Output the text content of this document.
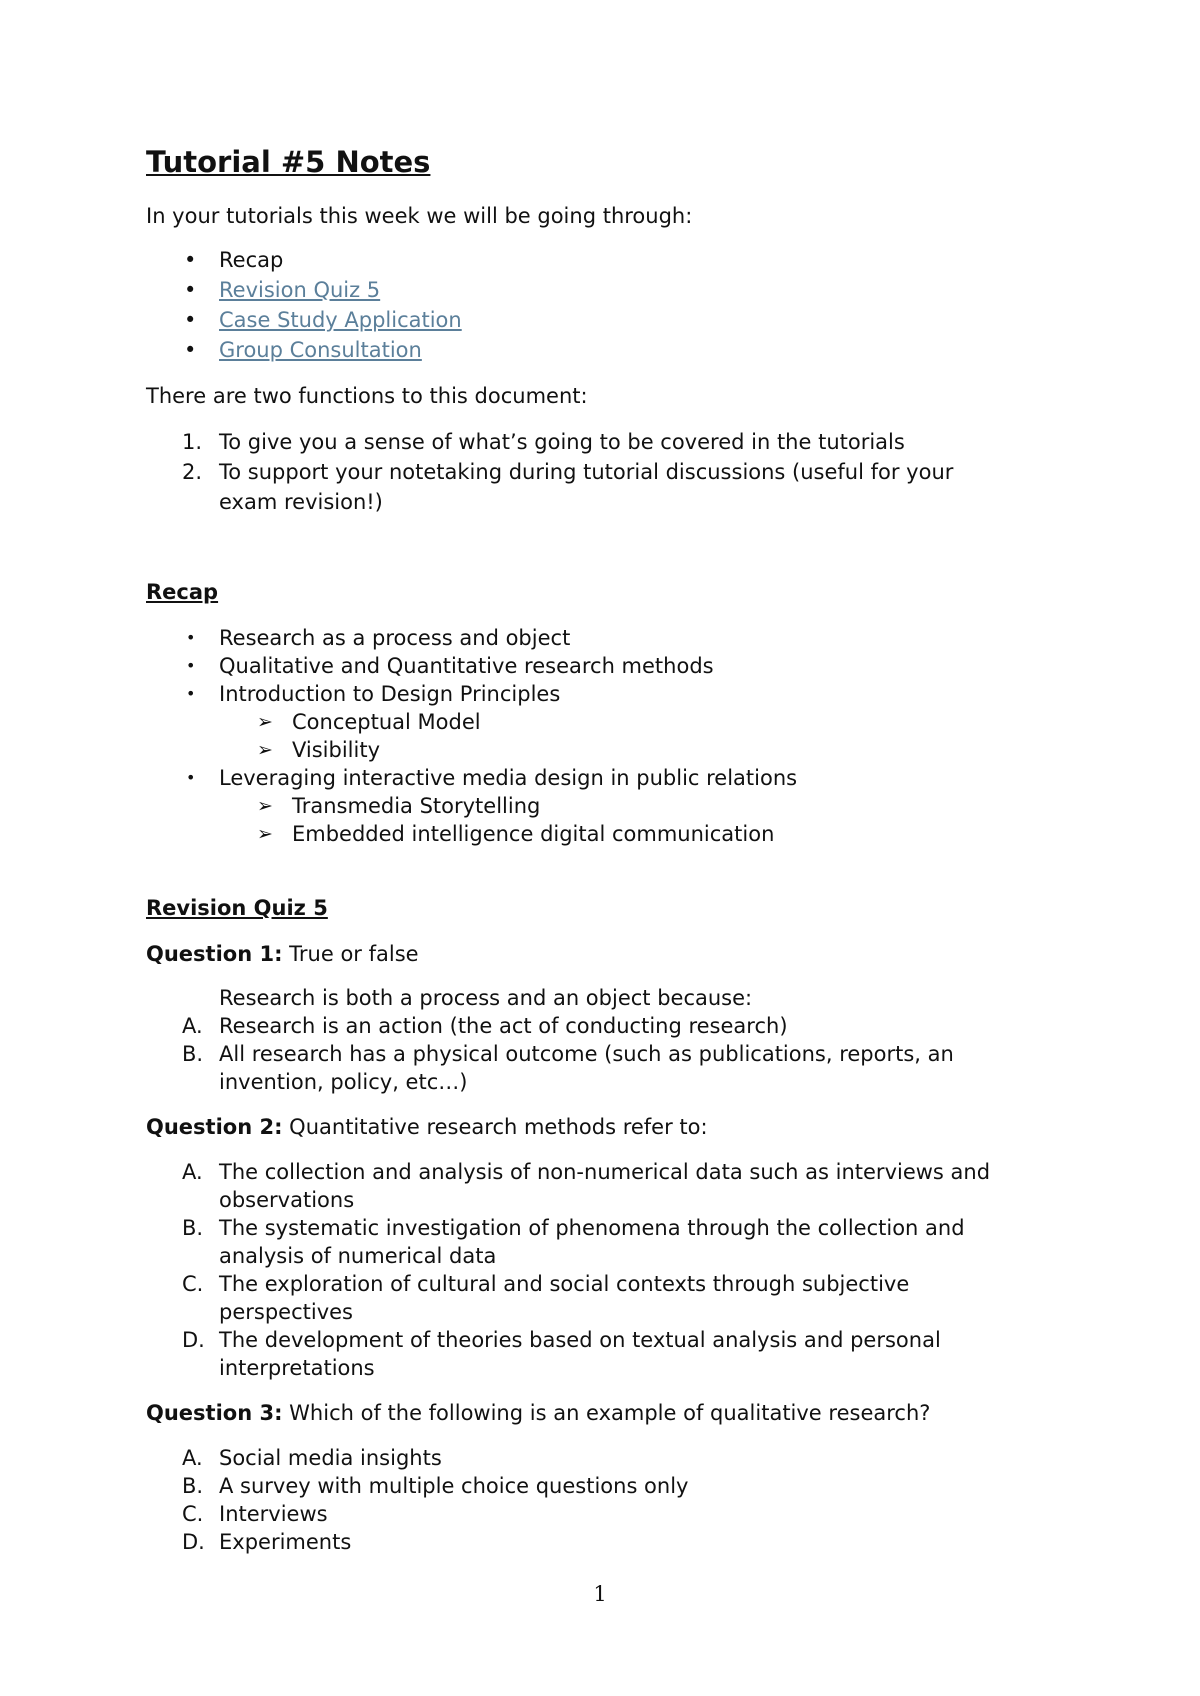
Tutorial #5 Notes
In your tutorials this week we will be going through:
• Recap
• Revision Quiz 5
• Case Study Application
• Group Consultation
There are two functions to this document:
1. To give you a sense of what’s going to be covered in the tutorials
2. To support your notetaking during tutorial discussions (useful for your
exam revision!)
Recap
• Research as a process and object
• Qualitative and Quantitative research methods
• Introduction to Design Principles
➢ Conceptual Model
➢ Visibility
• Leveraging interactive media design in public relations
➢ Transmedia Storytelling
➢ Embedded intelligence digital communication
Revision Quiz 5
Question 1: True or false
Research is both a process and an object because:
A. Research is an action (the act of conducting research)
B. All research has a physical outcome (such as publications, reports, an
invention, policy, etc…)
Question 2: Quantitative research methods refer to:
A. The collection and analysis of non-numerical data such as interviews and
observations
B. The systematic investigation of phenomena through the collection and
analysis of numerical data
C. The exploration of cultural and social contexts through subjective
perspectives
D. The development of theories based on textual analysis and personal
interpretations
Question 3: Which of the following is an example of qualitative research?
A. Social media insights
B. A survey with multiple choice questions only
C. Interviews
D. Experiments
1
